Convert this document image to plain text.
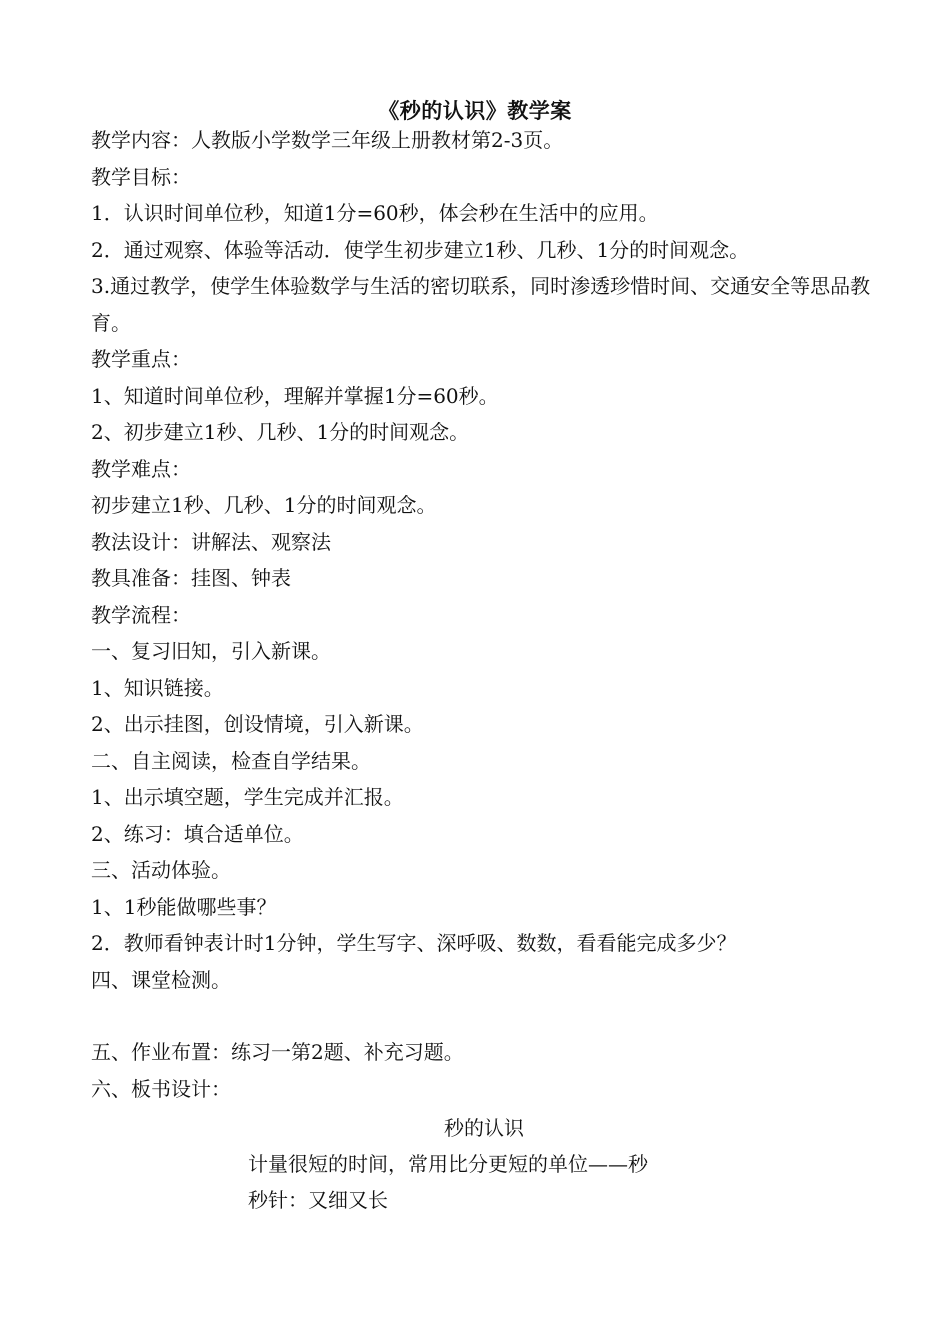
《秒的认识》教学案

教学内容：人教版小学数学三年级上册教材第2-3页。

教学目标：

1．认识时间单位秒，知道1分=60秒，体会秒在生活中的应用。

2．通过观察、体验等活动．使学生初步建立1秒、几秒、1分的时间观念。

3.通过教学，使学生体验数学与生活的密切联系，同时渗透珍惜时间、交通安全等思品教育。

教学重点：

1、知道时间单位秒，理解并掌握1分=60秒。

2、初步建立1秒、几秒、1分的时间观念。

教学难点：

初步建立1秒、几秒、1分的时间观念。

教法设计：讲解法、观察法

教具准备：挂图、钟表

教学流程：

一、复习旧知，引入新课。

1、知识链接。

2、出示挂图，创设情境，引入新课。

二、自主阅读，检查自学结果。

1、出示填空题，学生完成并汇报。

2、练习：填合适单位。

三、活动体验。

1、1秒能做哪些事？

2．教师看钟表计时1分钟，学生写字、深呼吸、数数，看看能完成多少？

四、课堂检测。

五、作业布置：练习一第2题、补充习题。

六、板书设计：

秒的认识
计量很短的时间，常用比分更短的单位——秒
秒针：又细又长
